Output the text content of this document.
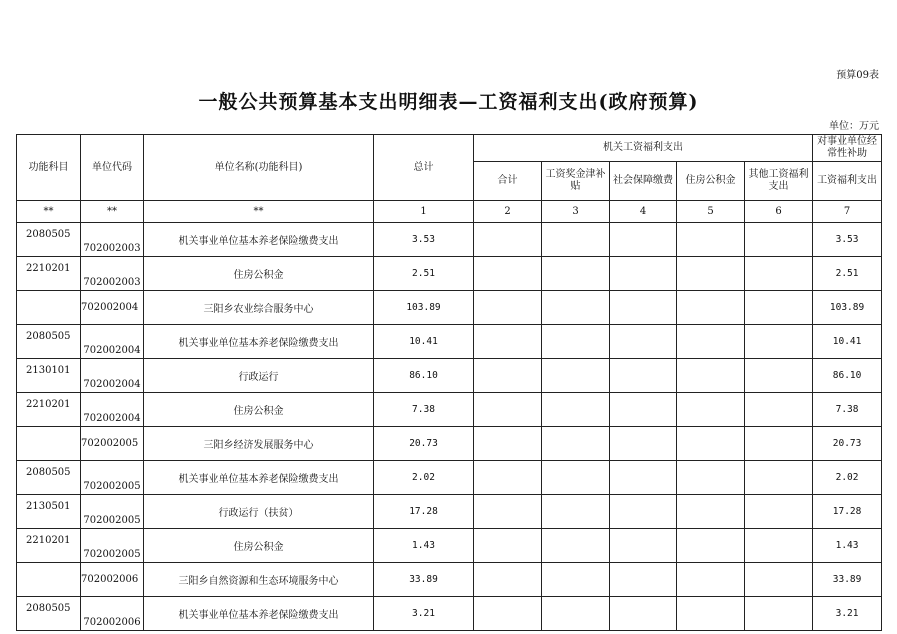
预算09表
一般公共预算基本支出明细表—工资福利支出(政府预算)
单位：万元
功能科目	单位代码	单位名称(功能科目)	总计	机关工资福利支出					对事业单位经常性补助
				合计	工资奖金津补贴	社会保障缴费	住房公积金	其他工资福利支出	工资福利支出
**	**	**	1	2	3	4	5	6	7
2080505	702002003	机关事业单位基本养老保险缴费支出	3.53						3.53
2210201	702002003	住房公积金	2.51						2.51
	702002004	三阳乡农业综合服务中心	103.89						103.89
2080505	702002004	机关事业单位基本养老保险缴费支出	10.41						10.41
2130101	702002004	行政运行	86.10						86.10
2210201	702002004	住房公积金	7.38						7.38
	702002005	三阳乡经济发展服务中心	20.73						20.73
2080505	702002005	机关事业单位基本养老保险缴费支出	2.02						2.02
2130501	702002005	行政运行（扶贫）	17.28						17.28
2210201	702002005	住房公积金	1.43						1.43
	702002006	三阳乡自然资源和生态环境服务中心	33.89						33.89
2080505	702002006	机关事业单位基本养老保险缴费支出	3.21						3.21
